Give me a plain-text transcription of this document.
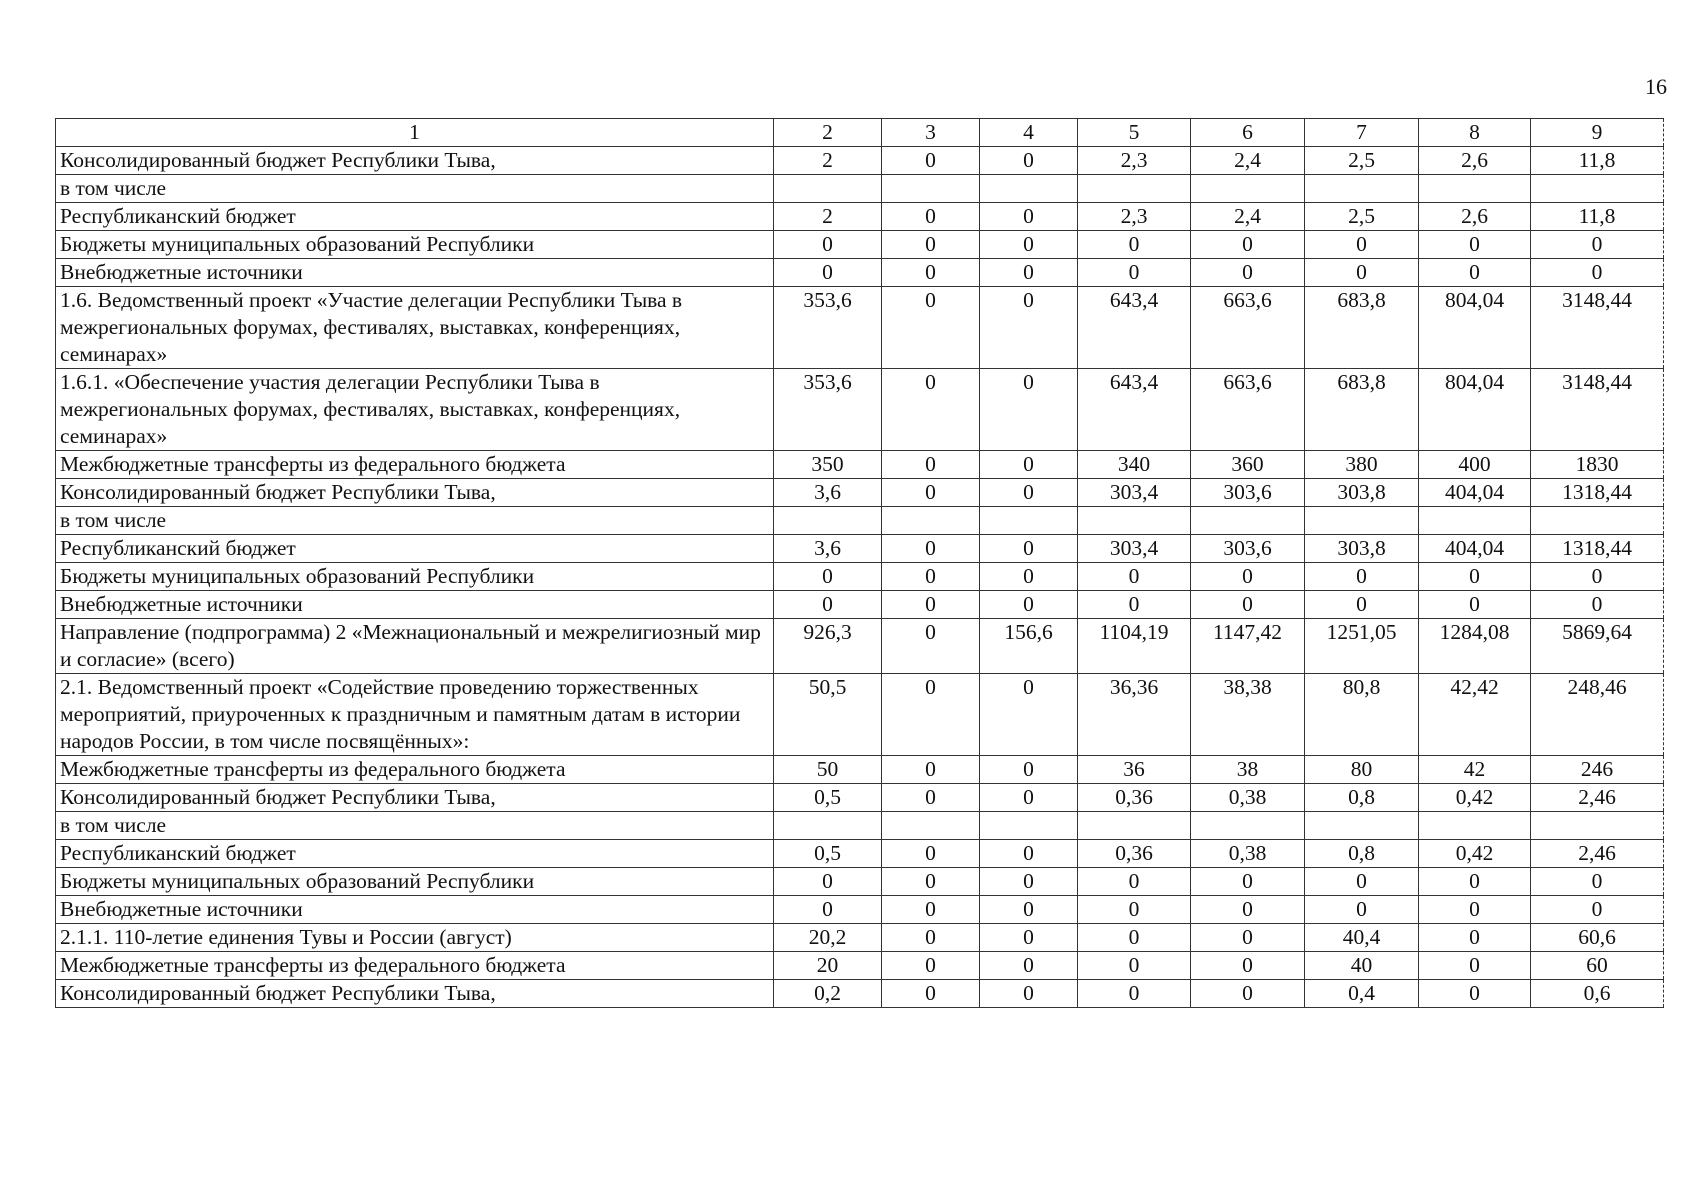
16
1	2	3	4	5	6	7	8	9
Консолидированный бюджет Республики Тыва,	2	0	0	2,3	2,4	2,5	2,6	11,8
в том числе								
Республиканский бюджет	2	0	0	2,3	2,4	2,5	2,6	11,8
Бюджеты муниципальных образований Республики	0	0	0	0	0	0	0	0
Внебюджетные источники	0	0	0	0	0	0	0	0
1.6. Ведомственный проект «Участие делегации Республики Тыва в межрегиональных форумах, фестивалях, выставках, конференциях, семинарах»	353,6	0	0	643,4	663,6	683,8	804,04	3148,44
1.6.1. «Обеспечение участия делегации Республики Тыва в межрегиональных форумах, фестивалях, выставках, конференциях, семинарах»	353,6	0	0	643,4	663,6	683,8	804,04	3148,44
Межбюджетные трансферты из федерального бюджета	350	0	0	340	360	380	400	1830
Консолидированный бюджет Республики Тыва,	3,6	0	0	303,4	303,6	303,8	404,04	1318,44
в том числе								
Республиканский бюджет	3,6	0	0	303,4	303,6	303,8	404,04	1318,44
Бюджеты муниципальных образований Республики	0	0	0	0	0	0	0	0
Внебюджетные источники	0	0	0	0	0	0	0	0
Направление (подпрограмма) 2 «Межнациональный и межрелигиозный мир и согласие» (всего)	926,3	0	156,6	1104,19	1147,42	1251,05	1284,08	5869,64
2.1. Ведомственный проект «Содействие проведению торжественных мероприятий, приуроченных к праздничным и памятным датам в истории народов России, в том числе посвящённых»:	50,5	0	0	36,36	38,38	80,8	42,42	248,46
Межбюджетные трансферты из федерального бюджета	50	0	0	36	38	80	42	246
Консолидированный бюджет Республики Тыва,	0,5	0	0	0,36	0,38	0,8	0,42	2,46
в том числе								
Республиканский бюджет	0,5	0	0	0,36	0,38	0,8	0,42	2,46
Бюджеты муниципальных образований Республики	0	0	0	0	0	0	0	0
Внебюджетные источники	0	0	0	0	0	0	0	0
2.1.1. 110-летие единения Тувы и России (август)	20,2	0	0	0	0	40,4	0	60,6
Межбюджетные трансферты из федерального бюджета	20	0	0	0	0	40	0	60
Консолидированный бюджет Республики Тыва,	0,2	0	0	0	0	0,4	0	0,6
